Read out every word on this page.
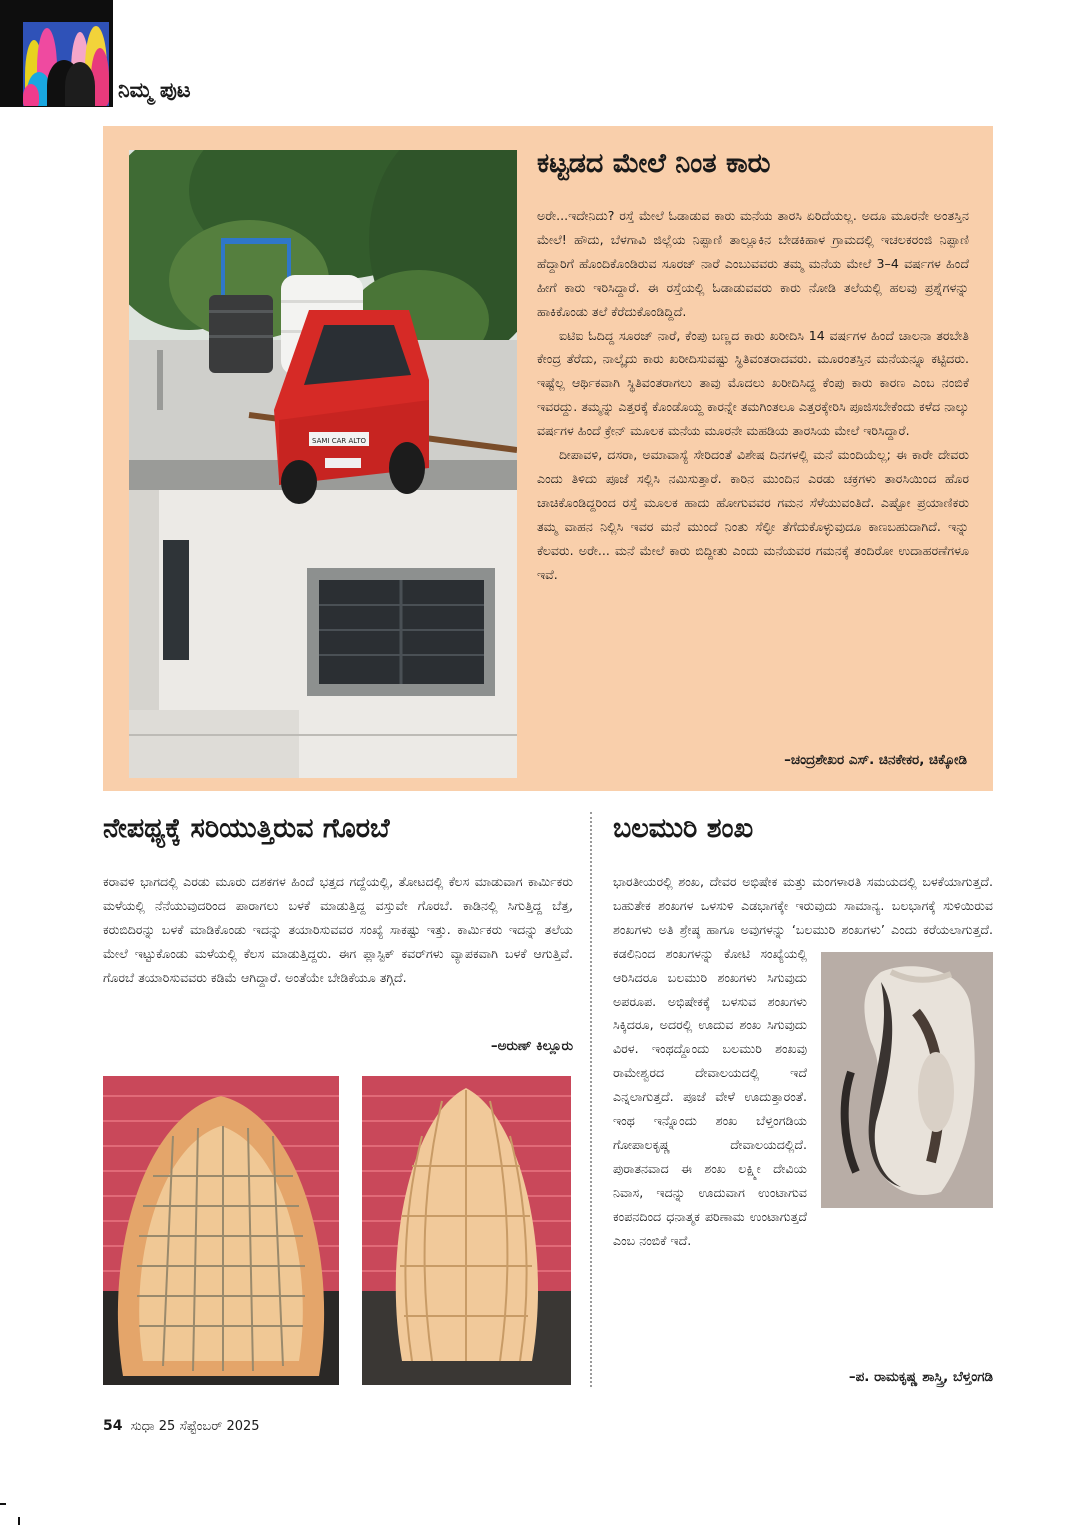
ನಿಮ್ಮ ಪುಟ
SAMI CAR ALTO
ಕಟ್ಟಡದ ಮೇಲೆ ನಿಂತ ಕಾರು

ಅರೇ...ಇದೇನಿದು? ರಸ್ತೆ ಮೇಲೆ ಓಡಾಡುವ ಕಾರು ಮನೆಯ ತಾರಸಿ ಏರಿದೆಯಲ್ಲ. ಅದೂ ಮೂರನೇ ಅಂತಸ್ತಿನ ಮೇಲೆ! ಹೌದು, ಬೆಳಗಾವಿ ಜಿಲ್ಲೆಯ ನಿಪ್ಪಾಣಿ ತಾಲ್ಲೂಕಿನ ಬೇಡಕಿಹಾಳ ಗ್ರಾಮದಲ್ಲಿ ಇಚಲಕರಂಜಿ ನಿಪ್ಪಾಣಿ ಹೆದ್ದಾರಿಗೆ ಹೊಂದಿಕೊಂಡಿರುವ ಸೂರಜ್ ನಾರೆ ಎಂಬುವವರು ತಮ್ಮ ಮನೆಯ ಮೇಲೆ 3–4 ವರ್ಷಗಳ ಹಿಂದೆ ಹೀಗೆ ಕಾರು ಇರಿಸಿದ್ದಾರೆ. ಈ ರಸ್ತೆಯಲ್ಲಿ ಓಡಾಡುವವರು ಕಾರು ನೋಡಿ ತಲೆಯಲ್ಲಿ ಹಲವು ಪ್ರಶ್ನೆಗಳನ್ನು ಹಾಕಿಕೊಂಡು ತಲೆ ಕೆರೆದುಕೊಂಡಿದ್ದಿದೆ.

ಐಟಿಐ ಓದಿದ್ದ ಸೂರಜ್ ನಾರೆ, ಕೆಂಪು ಬಣ್ಣದ ಕಾರು ಖರೀದಿಸಿ 14 ವರ್ಷಗಳ ಹಿಂದೆ ಚಾಲನಾ ತರಬೇತಿ ಕೇಂದ್ರ ತೆರೆದು, ನಾಲ್ಕೈದು ಕಾರು ಖರೀದಿಸುವಷ್ಟು ಸ್ಥಿತಿವಂತರಾದವರು. ಮೂರಂತಸ್ತಿನ ಮನೆಯನ್ನೂ ಕಟ್ಟಿದರು. ಇಷ್ಟೆಲ್ಲ ಆರ್ಥಿಕವಾಗಿ ಸ್ಥಿತಿವಂತರಾಗಲು ತಾವು ಮೊದಲು ಖರೀದಿಸಿದ್ದ ಕೆಂಪು ಕಾರು ಕಾರಣ ಎಂಬ ನಂಬಿಕೆ ಇವರದ್ದು. ತಮ್ಮನ್ನು ಎತ್ತರಕ್ಕೆ ಕೊಂಡೊಯ್ದ ಕಾರನ್ನೇ ತಮಗಿಂತಲೂ ಎತ್ತರಕ್ಕೇರಿಸಿ ಪೂಜಿಸಬೇಕೆಂದು ಕಳೆದ ನಾಲ್ಕು ವರ್ಷಗಳ ಹಿಂದೆ ಕ್ರೇನ್ ಮೂಲಕ ಮನೆಯ ಮೂರನೇ ಮಹಡಿಯ ತಾರಸಿಯ ಮೇಲೆ ಇರಿಸಿದ್ದಾರೆ.

ದೀಪಾವಳಿ, ದಸರಾ, ಅಮಾವಾಸ್ಯೆ ಸೇರಿದಂತೆ ವಿಶೇಷ ದಿನಗಳಲ್ಲಿ ಮನೆ ಮಂದಿಯೆಲ್ಲ; ಈ ಕಾರೇ ದೇವರು ಎಂದು ತಿಳಿದು ಪೂಜೆ ಸಲ್ಲಿಸಿ ನಮಿಸುತ್ತಾರೆ. ಕಾರಿನ ಮುಂದಿನ ಎರಡು ಚಕ್ರಗಳು ತಾರಸಿಯಿಂದ ಹೊರ ಚಾಚಿಕೊಂಡಿದ್ದರಿಂದ ರಸ್ತೆ ಮೂಲಕ ಹಾದು ಹೋಗುವವರ ಗಮನ ಸೆಳೆಯುವಂತಿದೆ. ಎಷ್ಟೋ ಪ್ರಯಾಣಿಕರು ತಮ್ಮ ವಾಹನ ನಿಲ್ಲಿಸಿ ಇವರ ಮನೆ ಮುಂದೆ ನಿಂತು ಸೆಲ್ಫೀ ತೆಗೆದುಕೊಳ್ಳುವುದೂ ಕಾಣಬಹುದಾಗಿದೆ. ಇನ್ನು ಕೆಲವರು. ಅರೇ... ಮನೆ ಮೇಲೆ ಕಾರು ಬಿದ್ದೀತು ಎಂದು ಮನೆಯವರ ಗಮನಕ್ಕೆ ತಂದಿರೋ ಉದಾಹರಣೆಗಳೂ ಇವೆ.

–ಚಂದ್ರಶೇಖರ ಎಸ್. ಚಿನಕೇಕರ, ಚಿಕ್ಕೋಡಿ
ನೇಪಥ್ಯಕ್ಕೆ ಸರಿಯುತ್ತಿರುವ ಗೊರಬೆ
ಕರಾವಳಿ ಭಾಗದಲ್ಲಿ ಎರಡು ಮೂರು ದಶಕಗಳ ಹಿಂದೆ ಭತ್ತದ ಗದ್ದೆಯಲ್ಲಿ, ತೋಟದಲ್ಲಿ ಕೆಲಸ ಮಾಡುವಾಗ ಕಾರ್ಮಿಕರು ಮಳೆಯಲ್ಲಿ ನೆನೆಯುವುದರಿಂದ ಪಾರಾಗಲು ಬಳಕೆ ಮಾಡುತ್ತಿದ್ದ ವಸ್ತುವೇ ಗೊರಬೆ. ಕಾಡಿನಲ್ಲಿ ಸಿಗುತ್ತಿದ್ದ ಬೆತ್ತ, ಕರುಬಿದಿರನ್ನು ಬಳಕೆ ಮಾಡಿಕೊಂಡು ಇದನ್ನು ತಯಾರಿಸುವವರ ಸಂಖ್ಯೆ ಸಾಕಷ್ಟು ಇತ್ತು. ಕಾರ್ಮಿಕರು ಇದನ್ನು ತಲೆಯ ಮೇಲೆ ಇಟ್ಟುಕೊಂಡು ಮಳೆಯಲ್ಲಿ ಕೆಲಸ ಮಾಡುತ್ತಿದ್ದರು. ಈಗ ಪ್ಲಾಸ್ಟಿಕ್ ಕವರ್‌ಗಳು ವ್ಯಾಪಕವಾಗಿ ಬಳಕೆ ಆಗುತ್ತಿವೆ. ಗೊರಬೆ ತಯಾರಿಸುವವರು ಕಡಿಮೆ ಆಗಿದ್ದಾರೆ. ಅಂತೆಯೇ ಬೇಡಿಕೆಯೂ ತಗ್ಗಿದೆ.
–ಅರುಣ್ ಕಿಲ್ಲೂರು
ಬಲಮುರಿ ಶಂಖ
ಭಾರತೀಯರಲ್ಲಿ ಶಂಖ, ದೇವರ ಅಭಿಷೇಕ ಮತ್ತು ಮಂಗಳಾರತಿ ಸಮಯದಲ್ಲಿ ಬಳಕೆಯಾಗುತ್ತದೆ. ಬಹುತೇಕ ಶಂಖಗಳ ಒಳಸುಳಿ ಎಡಭಾಗಕ್ಕೇ ಇರುವುದು ಸಾಮಾನ್ಯ. ಬಲಭಾಗಕ್ಕೆ ಸುಳಿಯಿರುವ ಶಂಖಗಳು ಅತಿ ಶ್ರೇಷ್ಠ ಹಾಗೂ ಅವುಗಳನ್ನು ‘ಬಲಮುರಿ ಶಂಖಗಳು’ ಎಂದು ಕರೆಯಲಾಗುತ್ತದೆ.
ಕಡಲಿನಿಂದ ಶಂಖಗಳನ್ನು ಕೋಟಿ ಸಂಖ್ಯೆಯಲ್ಲಿ ಆರಿಸಿದರೂ ಬಲಮುರಿ ಶಂಖಗಳು ಸಿಗುವುದು ಅಪರೂಪ. ಅಭಿಷೇಕಕ್ಕೆ ಬಳಸುವ ಶಂಖಗಳು ಸಿಕ್ಕಿದರೂ, ಅದರಲ್ಲಿ ಊದುವ ಶಂಖ ಸಿಗುವುದು ವಿರಳ. ಇಂಥದ್ದೊಂದು ಬಲಮುರಿ ಶಂಖವು ರಾಮೇಶ್ವರದ ದೇವಾಲಯದಲ್ಲಿ ಇದೆ ಎನ್ನಲಾಗುತ್ತದೆ. ಪೂಜೆ ವೇಳೆ ಊದುತ್ತಾರಂತೆ. ಇಂಥ ಇನ್ನೊಂದು ಶಂಖ ಬೆಳ್ತಂಗಡಿಯ ಗೋಪಾಲಕೃಷ್ಣ ದೇವಾಲಯದಲ್ಲಿದೆ. ಪುರಾತನವಾದ ಈ ಶಂಖ ಲಕ್ಷ್ಮೀ ದೇವಿಯ ನಿವಾಸ, ಇದನ್ನು ಊದುವಾಗ ಉಂಟಾಗುವ ಕಂಪನದಿಂದ ಧನಾತ್ಮಕ ಪರಿಣಾಮ ಉಂಟಾಗುತ್ತದೆ ಎಂಬ ನಂಬಿಕೆ ಇದೆ.
–ಪ. ರಾಮಕೃಷ್ಣ ಶಾಸ್ತ್ರಿ, ಬೆಳ್ತಂಗಡಿ
54 ಸುಧಾ 25 ಸೆಪ್ಟೆಂಬರ್ 2025
